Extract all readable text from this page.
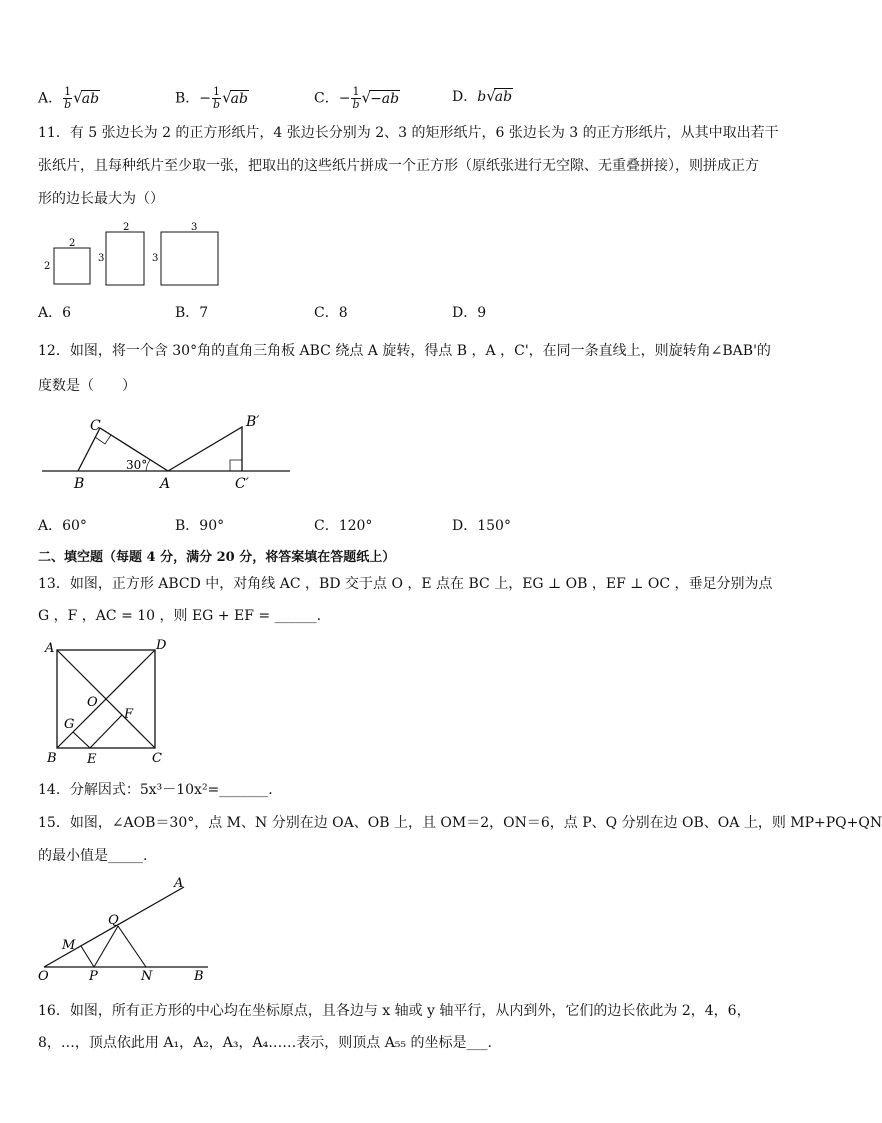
A． $\frac{1}{b} √ab$	B．− $\frac{1}{b} √ab$	C．− $\frac{1}{b} √-ab$	D．b√ab
11．有 5 张边长为 2 的正方形纸片，4 张边长分别为 2、3 的矩形纸片，6 张边长为 3 的正方形纸片，从其中取出若干
张纸片，且每种纸片至少取一张，把取出的这些纸片拼成一个正方形（原纸张进行无空隙、无重叠拼接），则拼成正方
形的边长最大为（）
2
2
2
3
3
3
A．6	B．7	C．8	D．9
12．如图，将一个含 30°角的直角三角板 ABC 绕点 A 旋转，得点 B ，A ，C'，在同一条直线上，则旋转角∠BAB'的
度数是（　　）
C
B	A
B′
C′
30°
A．60°	B．90°	C．120°	D．150°
二、填空题（每题 4 分，满分 20 分，将答案填在答题纸上）
13．如图，正方形 ABCD 中，对角线 AC ，BD 交于点 O ，E 点在 BC 上，EG ⊥ OB ，EF ⊥ OC ，垂足分别为点
G ，F ，AC = 10 ，则 EG + EF = ______.
A	D
O
G
F
B E	C
14．分解因式：5x³－10x²=_______.
15．如图，∠AOB＝30°，点 M、N 分别在边 OA、OB 上，且 OM＝2，ON＝6，点 P、Q 分别在边 OB、OA 上，则 MP+PQ+QN
的最小值是_____.
A
Q
M
O	P	N	B
16．如图，所有正方形的中心均在坐标原点，且各边与 x 轴或 y 轴平行，从内到外，它们的边长依此为 2，4，6，
8，…，顶点依此用 A₁，A₂，A₃，A₄……表示，则顶点 A₅₅ 的坐标是___.
